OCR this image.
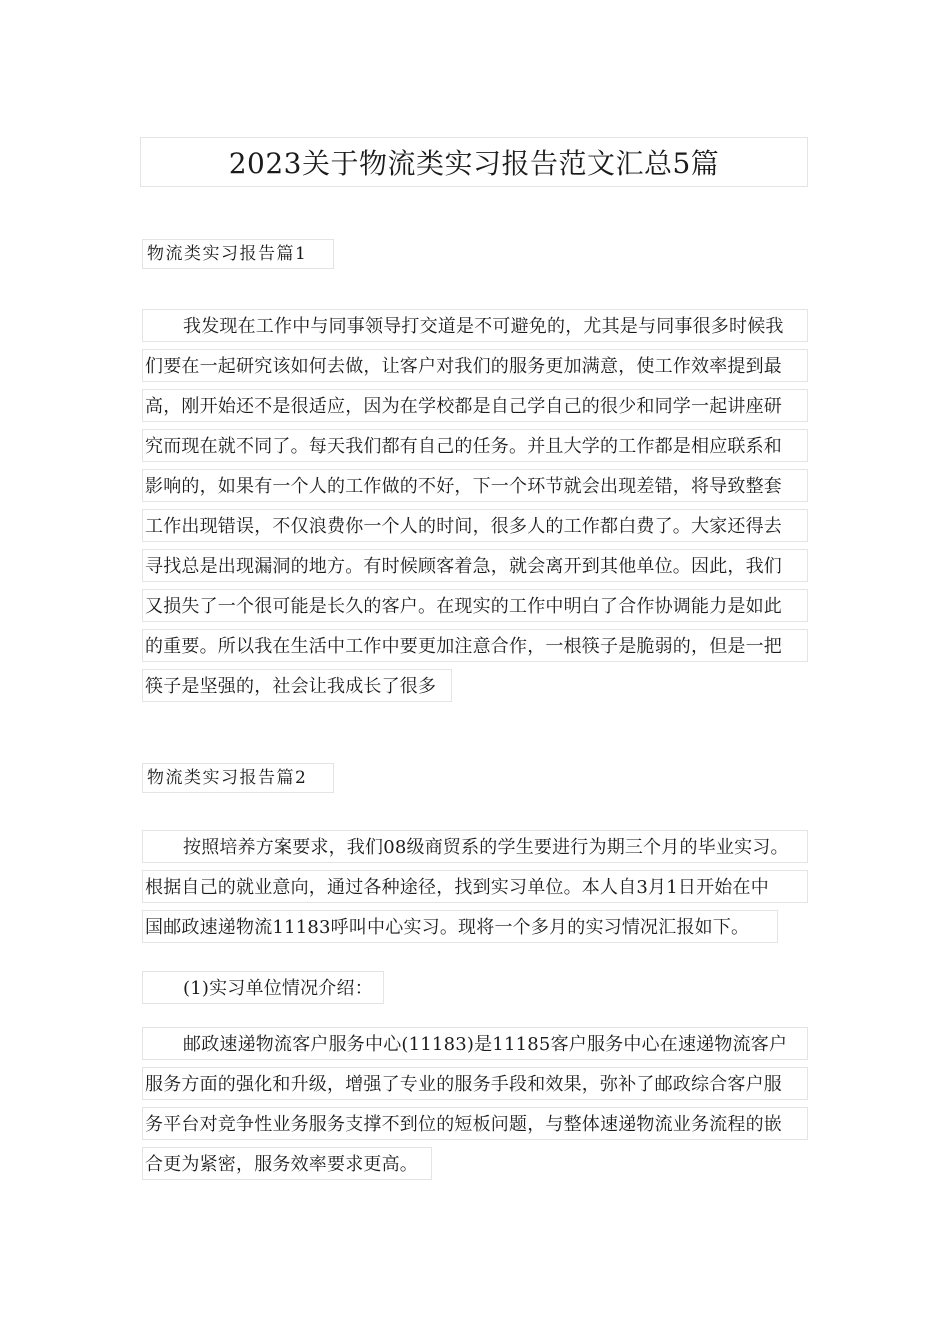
2023关于物流类实习报告范文汇总5篇
物流类实习报告篇1
我发现在工作中与同事领导打交道是不可避免的，尤其是与同事很多时候我
们要在一起研究该如何去做，让客户对我们的服务更加满意，使工作效率提到最
高，刚开始还不是很适应，因为在学校都是自己学自己的很少和同学一起讲座研
究而现在就不同了。每天我们都有自己的任务。并且大学的工作都是相应联系和
影响的，如果有一个人的工作做的不好，下一个环节就会出现差错，将导致整套
工作出现错误，不仅浪费你一个人的时间，很多人的工作都白费了。大家还得去
寻找总是出现漏洞的地方。有时候顾客着急，就会离开到其他单位。因此，我们
又损失了一个很可能是长久的客户。在现实的工作中明白了合作协调能力是如此
的重要。所以我在生活中工作中要更加注意合作，一根筷子是脆弱的，但是一把
筷子是坚强的，社会让我成长了很多
物流类实习报告篇2
按照培养方案要求，我们08级商贸系的学生要进行为期三个月的毕业实习。
根据自己的就业意向，通过各种途径，找到实习单位。本人自3月1日开始在中
国邮政速递物流11183呼叫中心实习。现将一个多月的实习情况汇报如下。
(1)实习单位情况介绍：
邮政速递物流客户服务中心(11183)是11185客户服务中心在速递物流客户
服务方面的强化和升级，增强了专业的服务手段和效果，弥补了邮政综合客户服
务平台对竞争性业务服务支撑不到位的短板问题，与整体速递物流业务流程的嵌
合更为紧密，服务效率要求更高。
